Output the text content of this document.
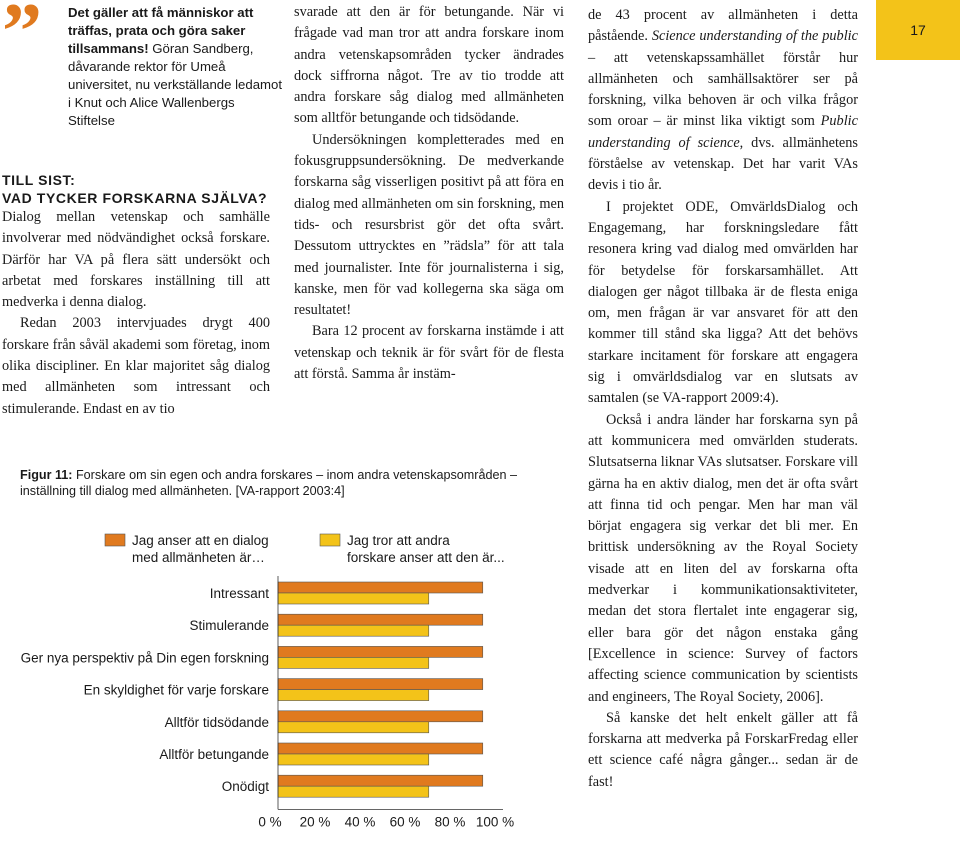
” Det gäller att få människor att träffas, prata och göra saker tillsammans! Göran Sandberg, dåvarande rektor för Umeå universitet, nu verkställande ledamot i Knut och Alice Wallenbergs Stiftelse
TILL SIST:
VAD TYCKER FORSKARNA SJÄLVA?

Dialog mellan vetenskap och samhälle involverar med nödvändighet också forskare. Därför har VA på flera sätt undersökt och arbetat med forskares inställning till att medverka i denna dialog.

Redan 2003 intervjuades drygt 400 forskare från såväl akademi som företag, inom olika discipliner. En klar majoritet såg dialog med allmänheten som intressant och stimulerande. Endast en av tio

svarade att den är för betungande. När vi frågade vad man tror att andra forskare inom andra vetenskapsområden tycker ändrades dock siffrorna något. Tre av tio trodde att andra forskare såg dialog med allmänheten som alltför betungande och tidsödande.

Undersökningen kompletterades med en fokusgruppsundersökning. De medverkande forskarna såg visserligen positivt på att föra en dialog med allmänheten om sin forskning, men tids- och resursbrist gör det ofta svårt. Dessutom uttrycktes en ”rädsla” för att tala med journalister. Inte för journalisterna i sig, kanske, men för vad kollegerna ska säga om resultatet!

Bara 12 procent av forskarna instämde i att vetenskap och teknik är för svårt för de flesta att förstå. Samma år instäm-

de 43 procent av allmänheten i detta påstående. Science understanding of the public – att vetenskapssamhället förstår hur allmänheten och samhällsaktörer ser på forskning, vilka behoven är och vilka frågor som oroar – är minst lika viktigt som Public understanding of science, dvs. allmänhetens förståelse av vetenskap. Det har varit VAs devis i tio år.

I projektet ODE, OmvärldsDialog och Engagemang, har forskningsledare fått resonera kring vad dialog med omvärlden har för betydelse för forskarsamhället. Att dialogen ger något tillbaka är de flesta eniga om, men frågan är var ansvaret för att den kommer till stånd ska ligga? Att det behövs starkare incitament för forskare att engagera sig i omvärldsdialog var en slutsats av samtalen (se VA-rapport 2009:4).

Också i andra länder har forskarna syn på att kommunicera med omvärlden studerats. Slutsatserna liknar VAs slutsatser. Forskare vill gärna ha en aktiv dialog, men det är ofta svårt att finna tid och pengar. Men har man väl börjat engagera sig verkar det bli mer. En brittisk undersökning av the Royal Society visade att en liten del av forskarna ofta medverkar i kommunikationsaktiviteter, medan det stora flertalet inte engagerar sig, eller bara gör det någon enstaka gång [Excellence in science: Survey of factors affecting science communication by scientists and engineers, The Royal Society, 2006].

Så kanske det helt enkelt gäller att få forskarna att medverka på ForskarFredag eller ett science café några gånger... sedan är de fast!

17
Figur 11: Forskare om sin egen och andra forskares – inom andra vetenskapsområden – inställning till dialog med allmänheten. [VA-rapport 2003:4]
Jag anser att en dialog
med allmänheten är…
Jag tror att andra
forskare anser att den är...
Intressant
Stimulerande
Ger nya perspektiv på Din egen forskning
En skyldighet för varje forskare
Alltför tidsödande
Alltför betungande
Onödigt
0 % 20 % 40 % 60 % 80 % 100 %
